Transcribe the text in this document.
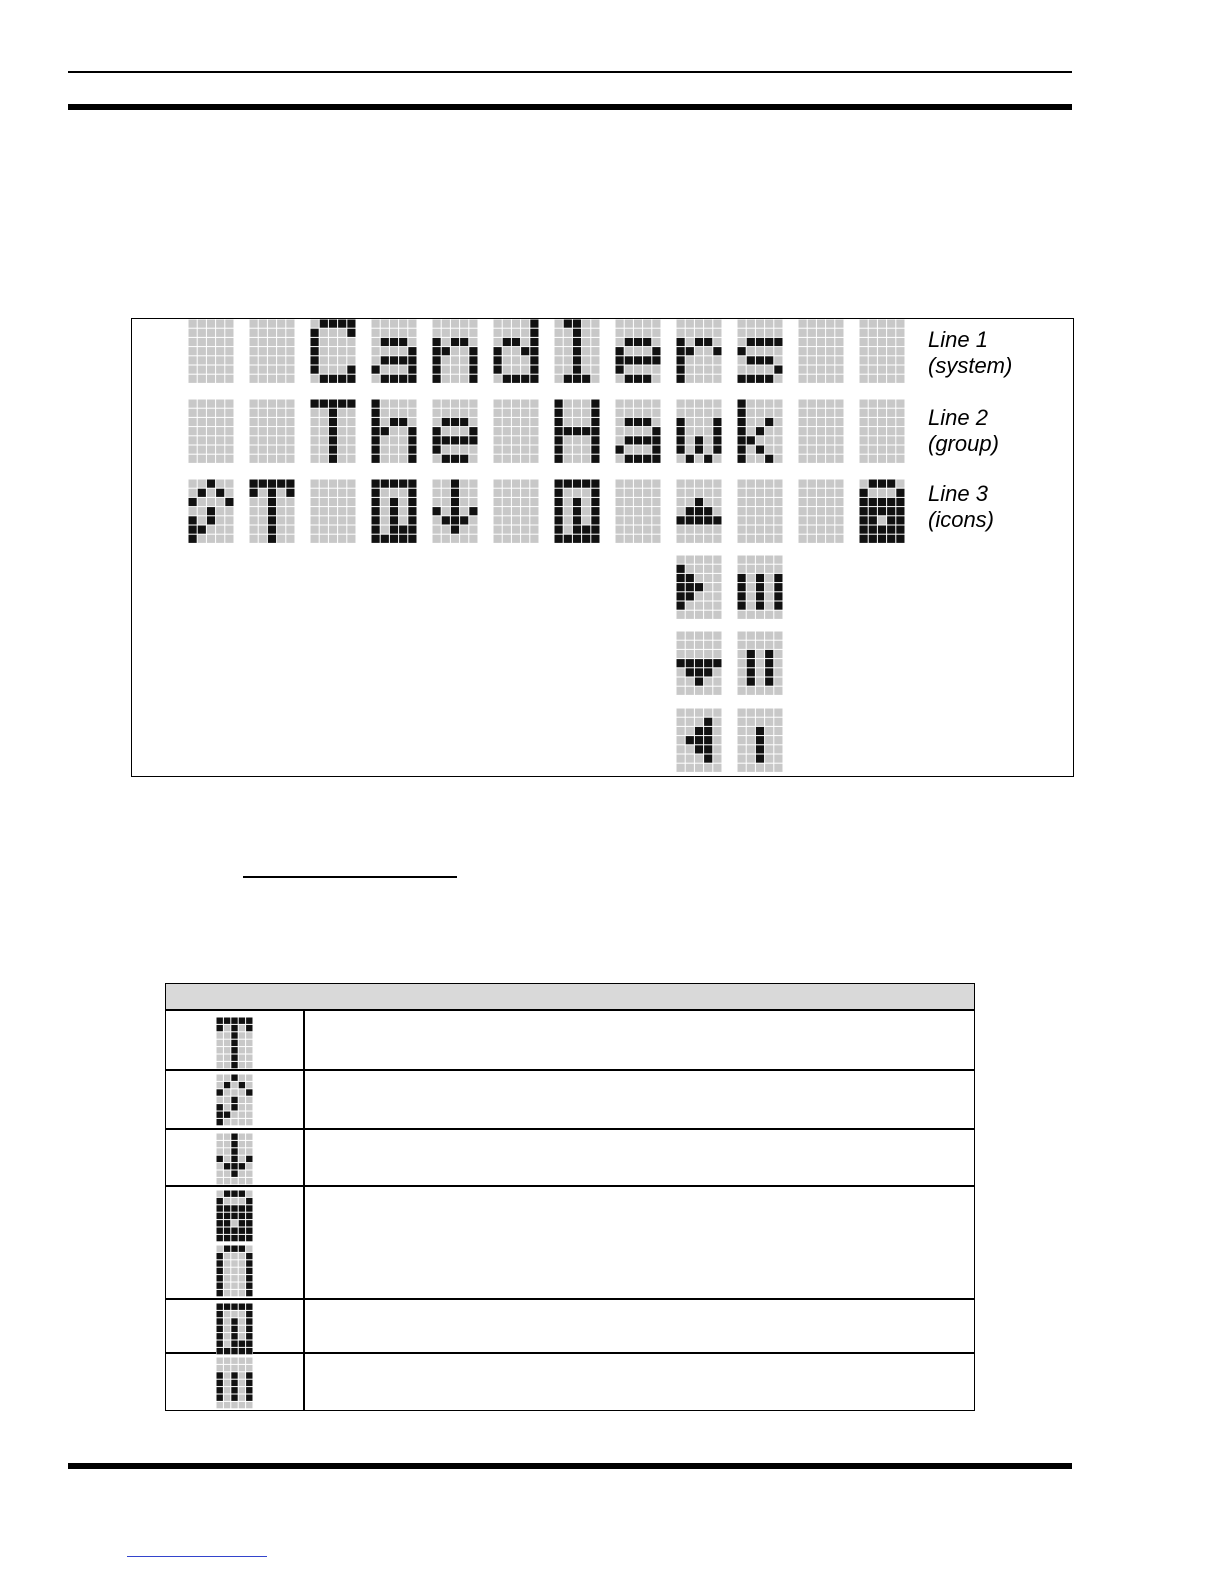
Line 1
(system)
Line 2
(group)
Line 3
(icons)
